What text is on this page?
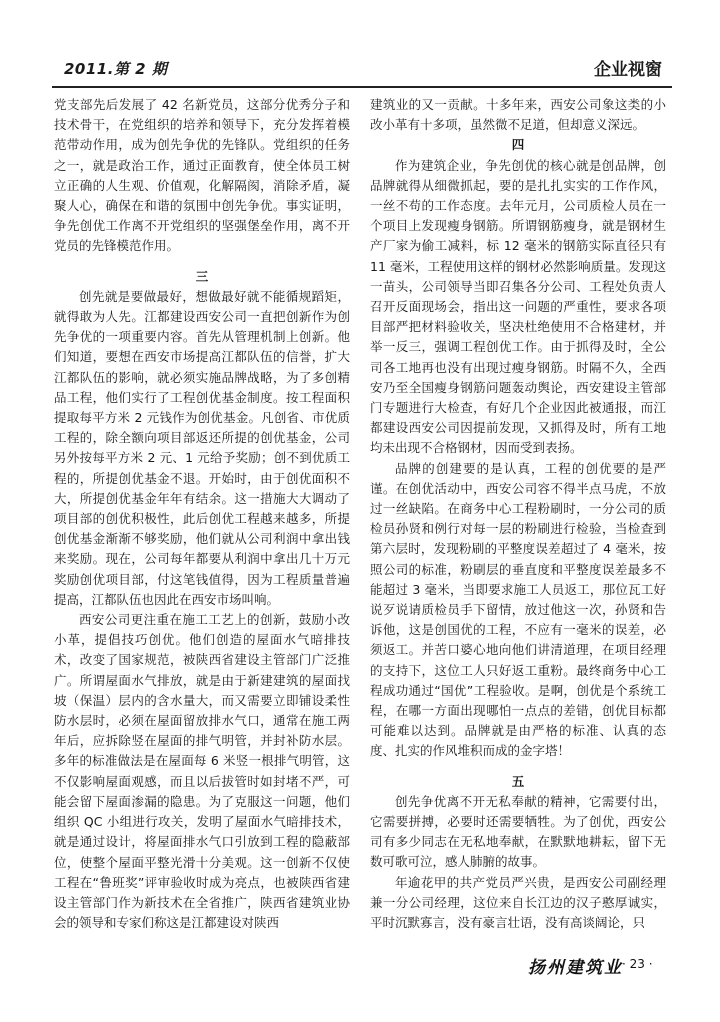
2011.第 2 期	企业视窗

党支部先后发展了 42 名新党员，这部分优秀分子和技术骨干，在党组织的培养和领导下，充分发挥着模范带动作用，成为创先争优的先锋队。党组织的任务之一，就是政治工作，通过正面教育，使全体员工树立正确的人生观、价值观，化解隔阂，消除矛盾，凝聚人心，确保在和谐的氛围中创先争优。事实证明，争先创优工作离不开党组织的坚强堡垒作用，离不开党员的先锋模范作用。

三

创先就是要做最好，想做最好就不能循规蹈矩，就得敢为人先。江都建设西安公司一直把创新作为创先争优的一项重要内容。首先从管理机制上创新。他们知道，要想在西安市场提高江都队伍的信誉，扩大江都队伍的影响，就必须实施品牌战略，为了多创精品工程，他们实行了工程创优基金制度。按工程面积提取每平方米 2 元钱作为创优基金。凡创省、市优质工程的，除全额向项目部返还所提的创优基金，公司另外按每平方米 2 元、1 元给予奖励；创不到优质工程的，所提创优基金不退。开始时，由于创优面积不大，所提创优基金年年有结余。这一措施大大调动了项目部的创优积极性，此后创优工程越来越多，所提创优基金渐渐不够奖励，他们就从公司利润中拿出钱来奖励。现在，公司每年都要从利润中拿出几十万元奖励创优项目部，付这笔钱值得，因为工程质量普遍提高，江都队伍也因此在西安市场叫响。

西安公司更注重在施工工艺上的创新，鼓励小改小革，提倡技巧创优。他们创造的屋面水气暗排技术，改变了国家规范，被陕西省建设主管部门广泛推广。所谓屋面水气排放，就是由于新建建筑的屋面找坡（保温）层内的含水量大，而又需要立即铺设柔性防水层时，必须在屋面留放排水气口，通常在施工两年后，应拆除竖在屋面的排气明管，并封补防水层。多年的标准做法是在屋面每 6 米竖一根排气明管，这不仅影响屋面观感，而且以后拔管时如封堵不严，可能会留下屋面渗漏的隐患。为了克服这一问题，他们组织 QC 小组进行攻关，发明了屋面水气暗排技术，就是通过设计，将屋面排水气口引放到工程的隐蔽部位，使整个屋面平整光滑十分美观。这一创新不仅使工程在“鲁班奖”评审验收时成为亮点，也被陕西省建设主管部门作为新技术在全省推广，陕西省建筑业协会的领导和专家们称这是江都建设对陕西

建筑业的又一贡献。十多年来，西安公司象这类的小改小革有十多项，虽然微不足道，但却意义深远。

四

作为建筑企业，争先创优的核心就是创品牌，创品牌就得从细微抓起，要的是扎扎实实的工作作风，一丝不苟的工作态度。去年元月，公司质检人员在一个项目上发现瘦身钢筋。所谓钢筋瘦身，就是钢材生产厂家为偷工减料，标 12 毫米的钢筋实际直径只有 11 毫米，工程使用这样的钢材必然影响质量。发现这一苗头，公司领导当即召集各分公司、工程处负责人召开反面现场会，指出这一问题的严重性，要求各项目部严把材料验收关，坚决杜绝使用不合格建材，并举一反三，强调工程创优工作。由于抓得及时，全公司各工地再也没有出现过瘦身钢筋。时隔不久，全西安乃至全国瘦身钢筋问题轰动舆论，西安建设主管部门专题进行大检查，有好几个企业因此被通报，而江都建设西安公司因提前发现，又抓得及时，所有工地均未出现不合格钢材，因而受到表扬。

品牌的创建要的是认真，工程的创优要的是严谨。在创优活动中，西安公司容不得半点马虎，不放过一丝缺陷。在商务中心工程粉刷时，一分公司的质检员孙贤和例行对每一层的粉刷进行检验，当检查到第六层时，发现粉刷的平整度误差超过了 4 毫米，按照公司的标准，粉刷层的垂直度和平整度误差最多不能超过 3 毫米，当即要求施工人员返工，那位瓦工好说歹说请质检员手下留情，放过他这一次，孙贤和告诉他，这是创国优的工程，不应有一毫米的误差，必须返工。并苦口婆心地向他们讲清道理，在项目经理的支持下，这位工人只好返工重粉。最终商务中心工程成功通过“国优”工程验收。是啊，创优是个系统工程，在哪一方面出现哪怕一点点的差错，创优目标都可能难以达到。品牌就是由严格的标准、认真的态度、扎实的作风堆积而成的金字塔！

五

创先争优离不开无私奉献的精神，它需要付出，它需要拼搏，必要时还需要牺牲。为了创优，西安公司有多少同志在无私地奉献，在默默地耕耘，留下无数可歌可泣，感人肺腑的故事。

年逾花甲的共产党员严兴贵，是西安公司副经理兼一分公司经理，这位来自长江边的汉子憨厚诚实，平时沉默寡言，没有豪言壮语，没有高谈阔论，只

扬州建筑业 · 23 ·
